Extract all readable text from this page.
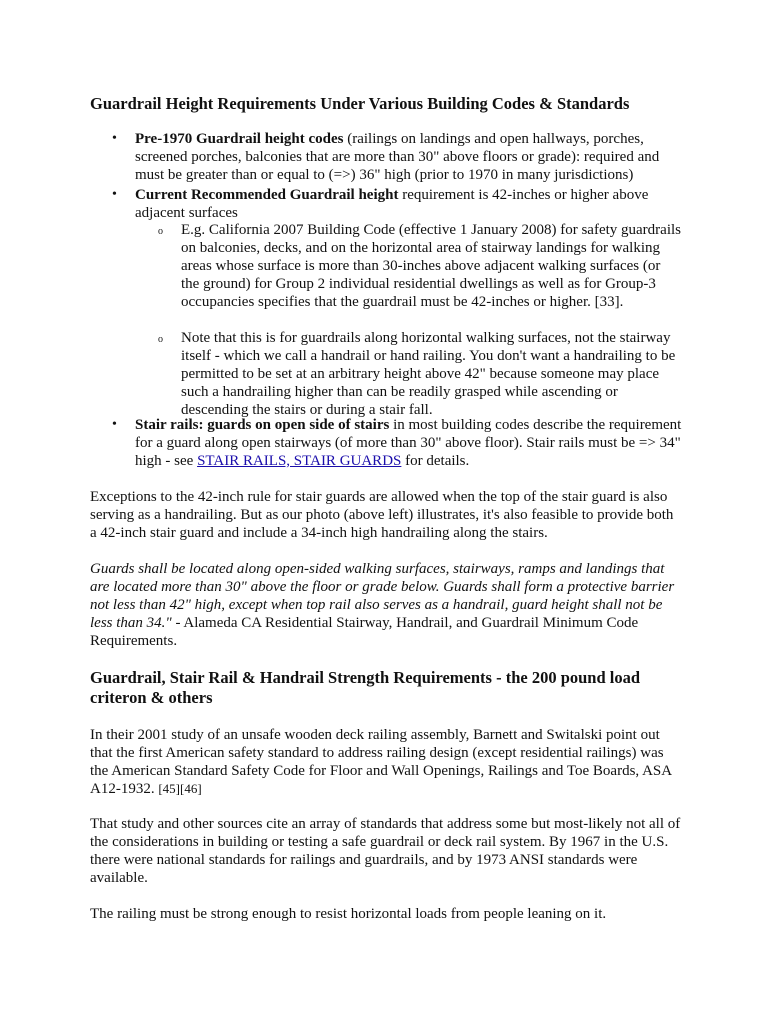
Guardrail Height Requirements Under Various Building Codes & Standards
• Pre-1970 Guardrail height codes (railings on landings and open hallways, porches, screened porches, balconies that are more than 30" above floors or grade): required and must be greater than or equal to (=>) 36" high (prior to 1970 in many jurisdictions)

• Current Recommended Guardrail height requirement is 42-inches or higher above adjacent surfaces

o E.g. California 2007 Building Code (effective 1 January 2008) for safety guardrails on balconies, decks, and on the horizontal area of stairway landings for walking areas whose surface is more than 30-inches above adjacent walking surfaces (or the ground) for Group 2 individual residential dwellings as well as for Group-3 occupancies specifies that the guardrail must be 42-inches or higher. [33].

o Note that this is for guardrails along horizontal walking surfaces, not the stairway itself - which we call a handrail or hand railing. You don't want a handrailing to be permitted to be set at an arbitrary height above 42" because someone may place such a handrailing higher than can be readily grasped while ascending or descending the stairs or during a stair fall.

• Stair rails: guards on open side of stairs in most building codes describe the requirement for a guard along open stairways (of more than 30" above floor). Stair rails must be => 34" high - see STAIR RAILS, STAIR GUARDS for details.

Exceptions to the 42-inch rule for stair guards are allowed when the top of the stair guard is also serving as a handrailing. But as our photo (above left) illustrates, it's also feasible to provide both a 42-inch stair guard and include a 34-inch high handrailing along the stairs.

Guards shall be located along open-sided walking surfaces, stairways, ramps and landings that are located more than 30" above the floor or grade below. Guards shall form a protective barrier not less than 42" high, except when top rail also serves as a handrail, guard height shall not be less than 34." - Alameda CA Residential Stairway, Handrail, and Guardrail Minimum Code Requirements.

Guardrail, Stair Rail & Handrail Strength Requirements - the 200 pound load criteron & others

In their 2001 study of an unsafe wooden deck railing assembly, Barnett and Switalski point out that the first American safety standard to address railing design (except residential railings) was the American Standard Safety Code for Floor and Wall Openings, Railings and Toe Boards, ASA A12-1932. [45][46]

That study and other sources cite an array of standards that address some but most-likely not all of the considerations in building or testing a safe guardrail or deck rail system. By 1967 in the U.S. there were national standards for railings and guardrails, and by 1973 ANSI standards were available.

The railing must be strong enough to resist horizontal loads from people leaning on it.
